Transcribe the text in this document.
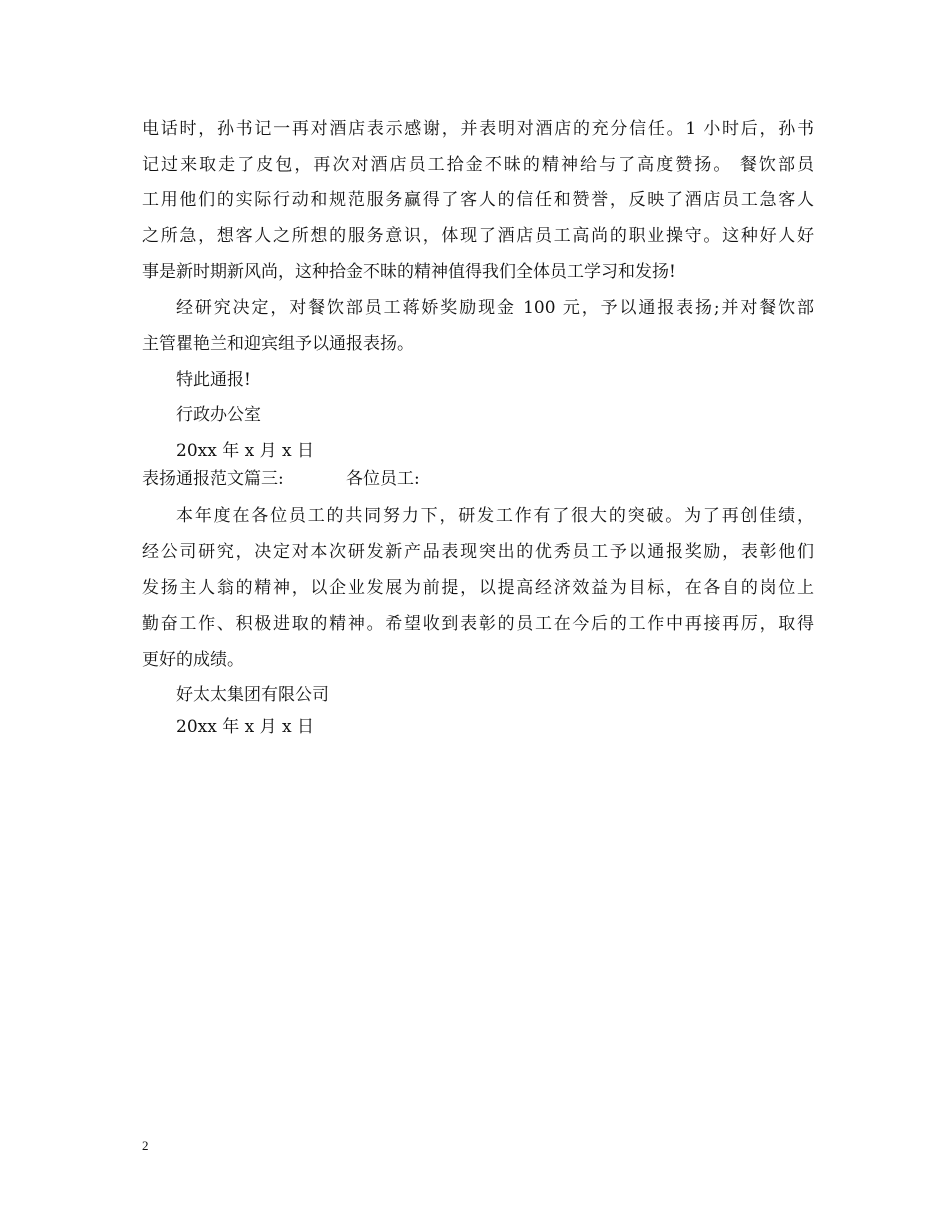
电话时，孙书记一再对酒店表示感谢，并表明对酒店的充分信任。1 小时后，孙书
记过来取走了皮包，再次对酒店员工拾金不昧的精神给与了高度赞扬。 餐饮部员
工用他们的实际行动和规范服务赢得了客人的信任和赞誉，反映了酒店员工急客人
之所急，想客人之所想的服务意识，体现了酒店员工高尚的职业操守。这种好人好
事是新时期新风尚，这种拾金不昧的精神值得我们全体员工学习和发扬!
经研究决定，对餐饮部员工蒋娇奖励现金 100 元，予以通报表扬;并对餐饮部
主管瞿艳兰和迎宾组予以通报表扬。
特此通报!
行政办公室
20xx 年 x 月 x 日
表扬通报范文篇三:	各位员工:
本年度在各位员工的共同努力下，研发工作有了很大的突破。为了再创佳绩，
经公司研究，决定对本次研发新产品表现突出的优秀员工予以通报奖励，表彰他们
发扬主人翁的精神，以企业发展为前提，以提高经济效益为目标，在各自的岗位上
勤奋工作、积极进取的精神。希望收到表彰的员工在今后的工作中再接再厉，取得
更好的成绩。
好太太集团有限公司
20xx 年 x 月 x 日
2
